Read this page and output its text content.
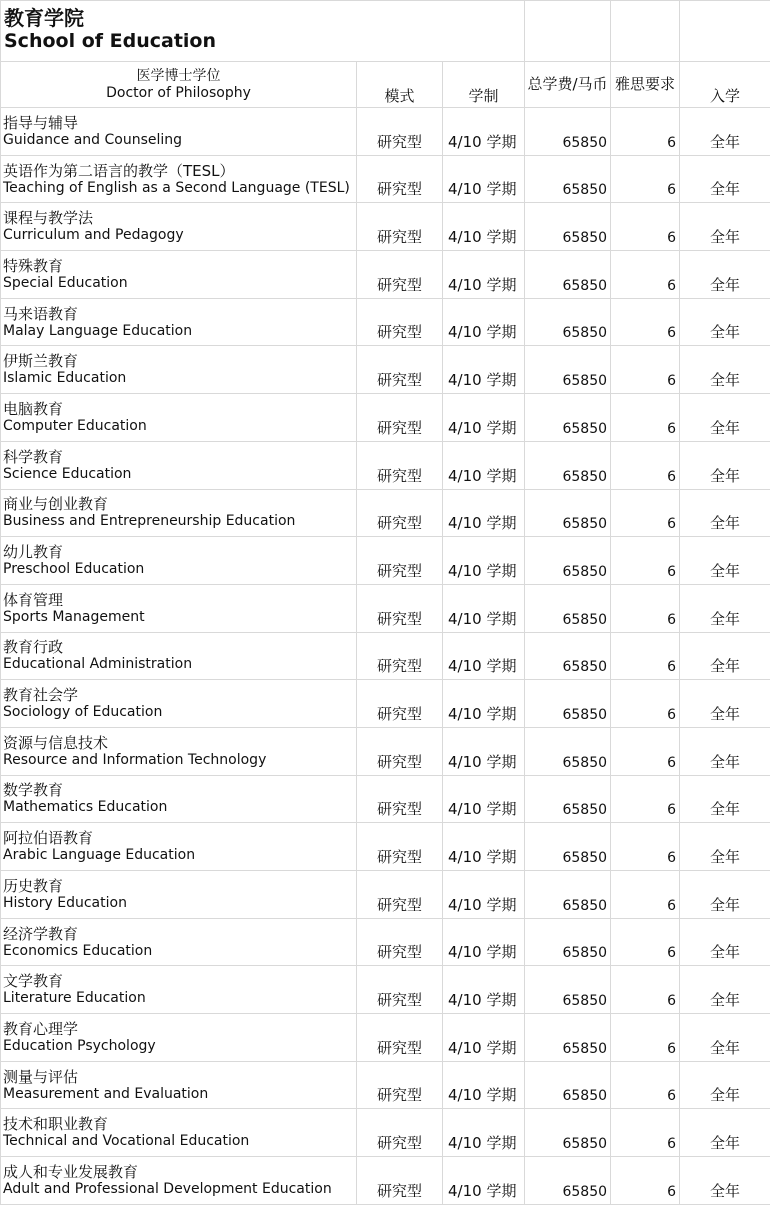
教育学院
School of Education					

医学博士学位
Doctor of Philosophy	模式	学制	总学费/马币	雅思要求	入学

指导与辅导
Guidance and Counseling	研究型	4/10 学期	65850	6	全年

英语作为第二语言的教学（TESL）
Teaching of English as a Second Language (TESL)	研究型	4/10 学期	65850	6	全年

课程与教学法
Curriculum and Pedagogy	研究型	4/10 学期	65850	6	全年

特殊教育
Special Education	研究型	4/10 学期	65850	6	全年

马来语教育
Malay Language Education	研究型	4/10 学期	65850	6	全年

伊斯兰教育
Islamic Education	研究型	4/10 学期	65850	6	全年

电脑教育
Computer Education	研究型	4/10 学期	65850	6	全年

科学教育
Science Education	研究型	4/10 学期	65850	6	全年

商业与创业教育
Business and Entrepreneurship Education	研究型	4/10 学期	65850	6	全年

幼儿教育
Preschool Education	研究型	4/10 学期	65850	6	全年

体育管理
Sports Management	研究型	4/10 学期	65850	6	全年

教育行政
Educational Administration	研究型	4/10 学期	65850	6	全年

教育社会学
Sociology of Education	研究型	4/10 学期	65850	6	全年

资源与信息技术
Resource and Information Technology	研究型	4/10 学期	65850	6	全年

数学教育
Mathematics Education	研究型	4/10 学期	65850	6	全年

阿拉伯语教育
Arabic Language Education	研究型	4/10 学期	65850	6	全年

历史教育
History Education	研究型	4/10 学期	65850	6	全年

经济学教育
Economics Education	研究型	4/10 学期	65850	6	全年

文学教育
Literature Education	研究型	4/10 学期	65850	6	全年

教育心理学
Education Psychology	研究型	4/10 学期	65850	6	全年

测量与评估
Measurement and Evaluation	研究型	4/10 学期	65850	6	全年

技术和职业教育
Technical and Vocational Education	研究型	4/10 学期	65850	6	全年

成人和专业发展教育
Adult and Professional Development Education	研究型	4/10 学期	65850	6	全年
